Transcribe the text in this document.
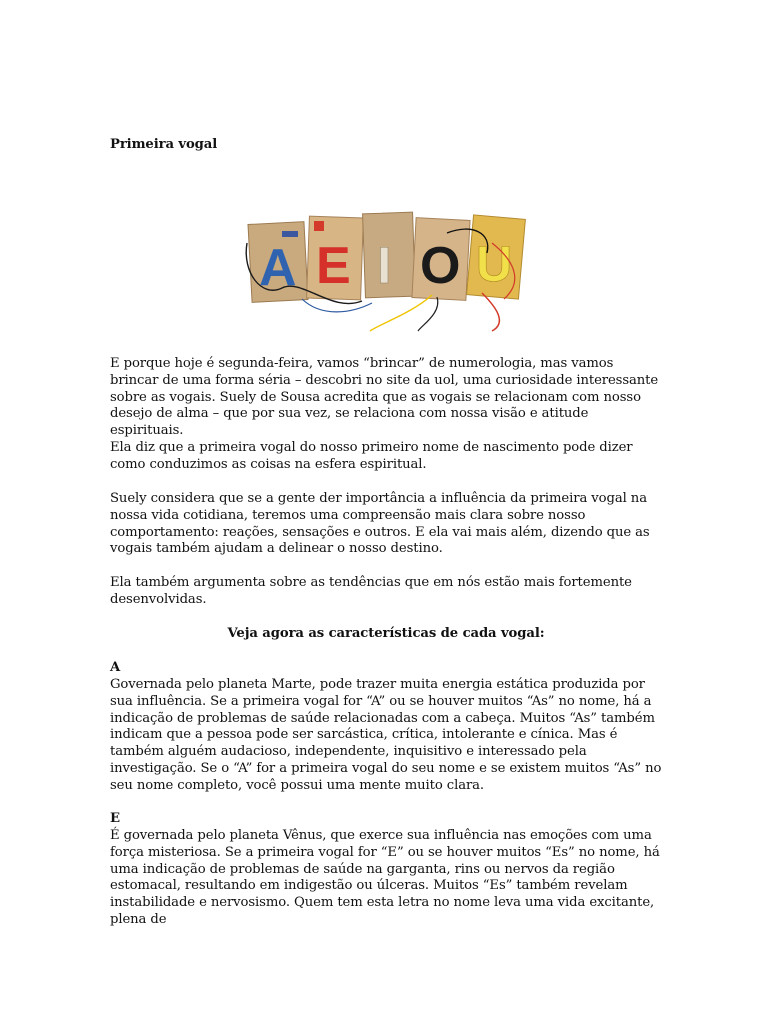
Primeira vogal
A E I O U

E porque hoje é segunda-feira, vamos “brincar” de numerologia, mas vamos brincar de uma forma séria – descobri no site da uol, uma curiosidade interessante sobre as vogais. Suely de Sousa acredita que as vogais se relacionam com nosso desejo de alma – que por sua vez, se relaciona com nossa visão e atitude espirituais.

Ela diz que a primeira vogal do nosso primeiro nome de nascimento pode dizer como conduzimos as coisas na esfera espiritual.

Suely considera que se a gente der importância a influência da primeira vogal na nossa vida cotidiana, teremos uma compreensão mais clara sobre nosso comportamento: reações, sensações e outros. E ela vai mais além, dizendo que as vogais também ajudam a delinear o nosso destino.

Ela também argumenta sobre as tendências que em nós estão mais fortemente desenvolvidas.

Veja agora as características de cada vogal:
A

Governada pelo planeta Marte, pode trazer muita energia estática produzida por sua influência. Se a primeira vogal for “A” ou se houver muitos “As” no nome, há a indicação de problemas de saúde relacionadas com a cabeça. Muitos “As” também indicam que a pessoa pode ser sarcástica, crítica, intolerante e cínica. Mas é também alguém audacioso, independente, inquisitivo e interessado pela investigação. Se o “A” for a primeira vogal do seu nome e se existem muitos “As” no seu nome completo, você possui uma mente muito clara.

E

É governada pelo planeta Vênus, que exerce sua influência nas emoções com uma força misteriosa. Se a primeira vogal for “E” ou se houver muitos “Es” no nome, há uma indicação de problemas de saúde na garganta, rins ou nervos da região estomacal, resultando em indigestão ou úlceras. Muitos “Es” também revelam instabilidade e nervosismo. Quem tem esta letra no nome leva uma vida excitante, plena de
